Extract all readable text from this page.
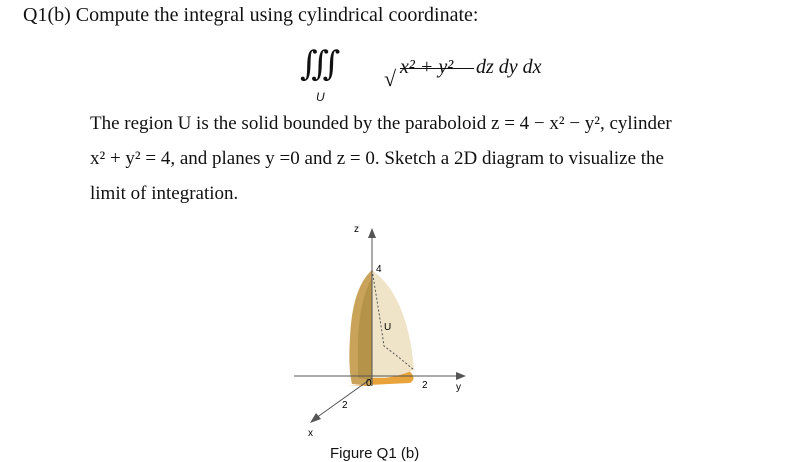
Q1(b) Compute the integral using cylindrical coordinate:
∭
U
√ x² + y² dz dy dx
The region U is the solid bounded by the paraboloid z = 4 − x² − y², cylinder
x² + y² = 4, and planes y =0 and z = 0. Sketch a 2D diagram to visualize the
limit of integration.
z
4
U
0	2	y
2
x
Figure Q1 (b)
